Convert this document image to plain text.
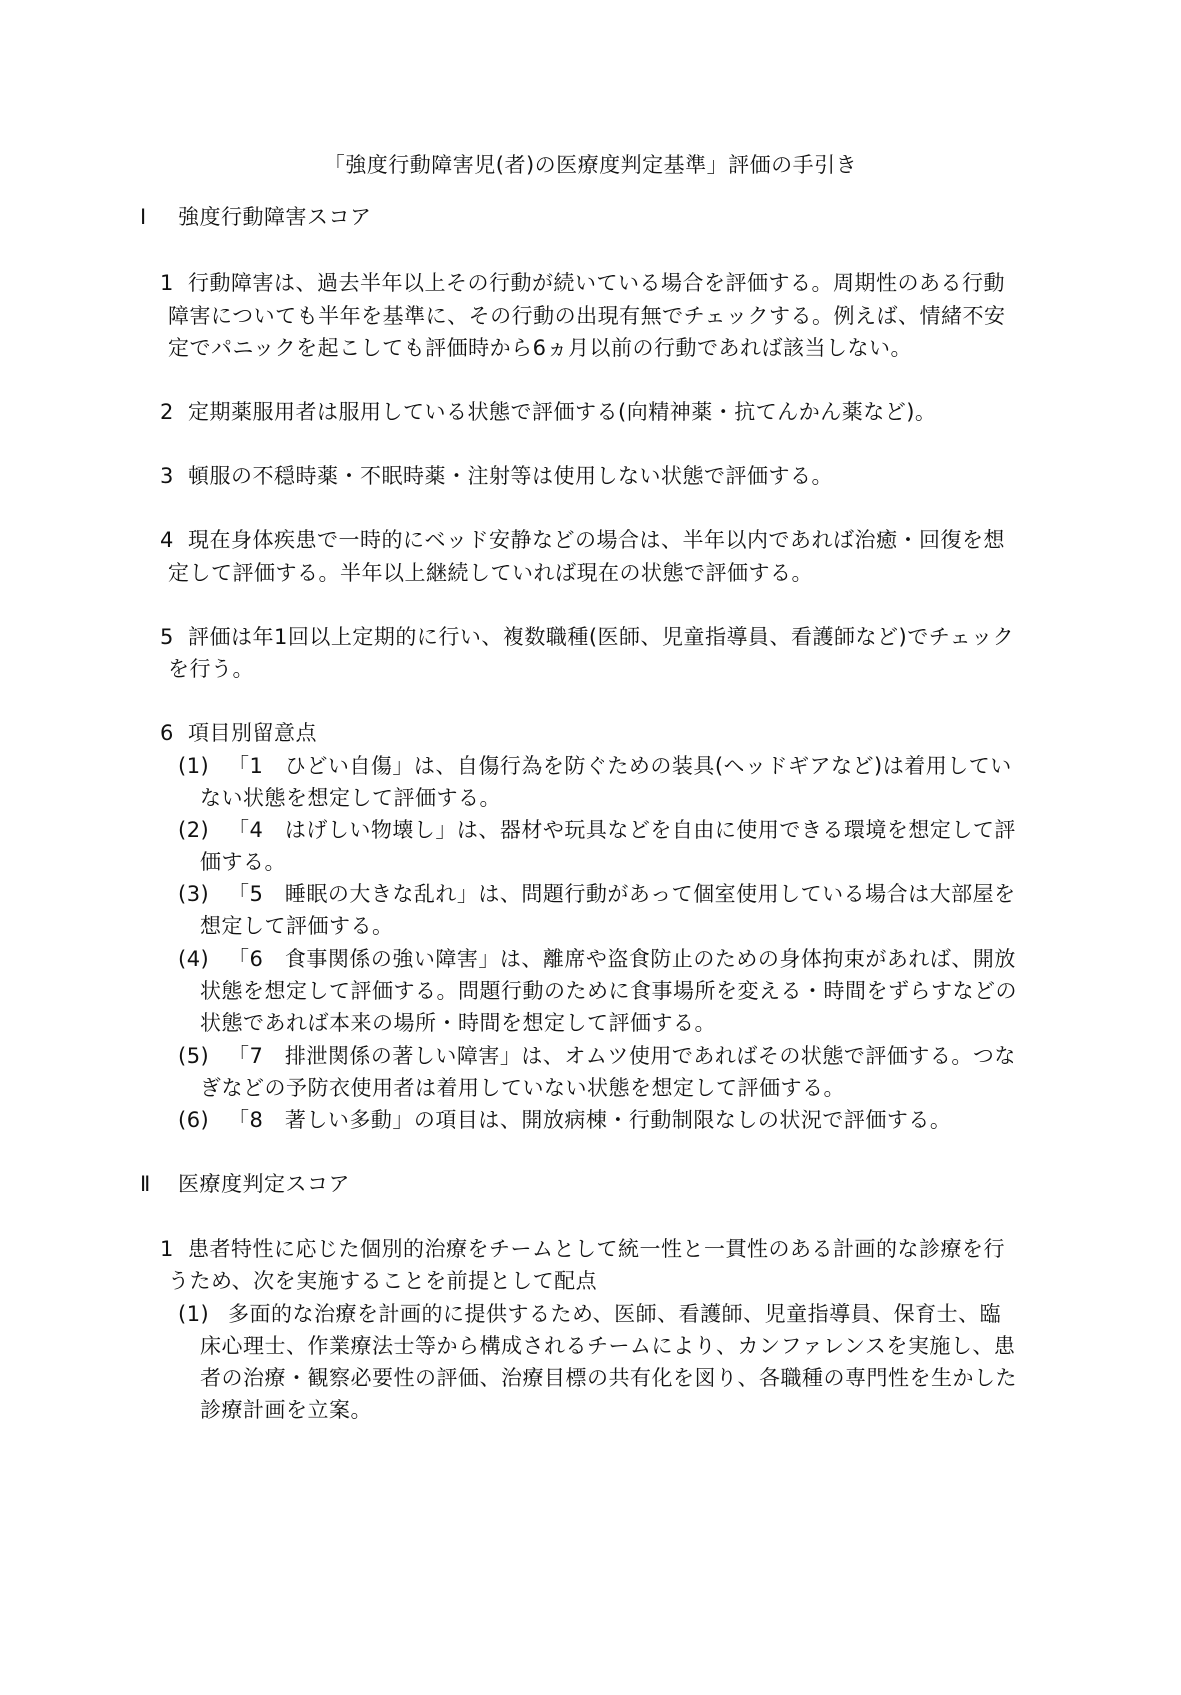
「強度行動障害児(者)の医療度判定基準」評価の手引き
Ⅰ 強度行動障害スコア
1 行動障害は、過去半年以上その行動が続いている場合を評価する。周期性のある行動
障害についても半年を基準に、その行動の出現有無でチェックする。例えば、情緒不安
定でパニックを起こしても評価時から6ヵ月以前の行動であれば該当しない。
2 定期薬服用者は服用している状態で評価する(向精神薬・抗てんかん薬など)。
3 頓服の不穏時薬・不眠時薬・注射等は使用しない状態で評価する。
4 現在身体疾患で一時的にベッド安静などの場合は、半年以内であれば治癒・回復を想
定して評価する。半年以上継続していれば現在の状態で評価する。
5 評価は年1回以上定期的に行い、複数職種(医師、児童指導員、看護師など)でチェック
を行う。
6 項目別留意点
(1) 「1　ひどい自傷」は、自傷行為を防ぐための装具(ヘッドギアなど)は着用してい
ない状態を想定して評価する。
(2) 「4　はげしい物壊し」は、器材や玩具などを自由に使用できる環境を想定して評
価する。
(3) 「5　睡眠の大きな乱れ」は、問題行動があって個室使用している場合は大部屋を
想定して評価する。
(4) 「6　食事関係の強い障害」は、離席や盗食防止のための身体拘束があれば、開放
状態を想定して評価する。問題行動のために食事場所を変える・時間をずらすなどの
状態であれば本来の場所・時間を想定して評価する。
(5) 「7　排泄関係の著しい障害」は、オムツ使用であればその状態で評価する。つな
ぎなどの予防衣使用者は着用していない状態を想定して評価する。
(6) 「8　著しい多動」の項目は、開放病棟・行動制限なしの状況で評価する。
Ⅱ 医療度判定スコア
1 患者特性に応じた個別的治療をチームとして統一性と一貫性のある計画的な診療を行
うため、次を実施することを前提として配点
(1) 多面的な治療を計画的に提供するため、医師、看護師、児童指導員、保育士、臨
床心理士、作業療法士等から構成されるチームにより、カンファレンスを実施し、患
者の治療・観察必要性の評価、治療目標の共有化を図り、各職種の専門性を生かした
診療計画を立案。
